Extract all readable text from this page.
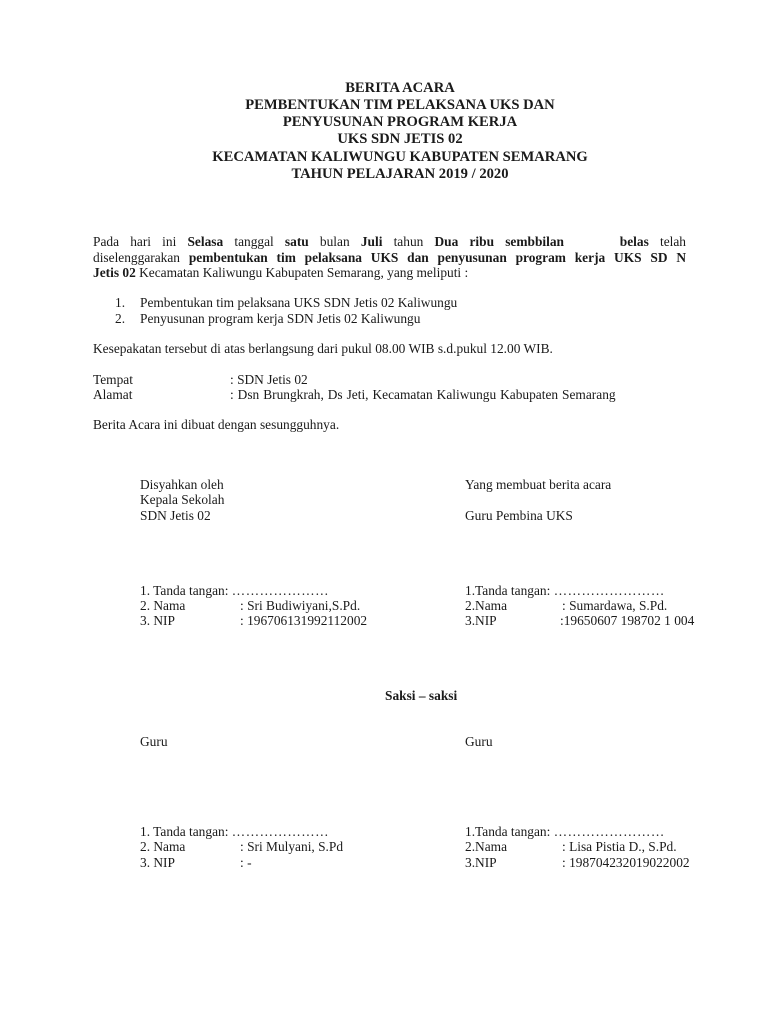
BERITA ACARA
PEMBENTUKAN TIM PELAKSANA UKS DAN
PENYUSUNAN PROGRAM KERJA
UKS SDN JETIS 02
KECAMATAN KALIWUNGU KABUPATEN SEMARANG
TAHUN PELAJARAN 2019 / 2020
Pada hari ini Selasa tanggal satu bulan Juli tahun Dua ribu sembbilan	belas telah
diselenggarakan pembentukan tim pelaksana UKS dan penyusunan program kerja UKS SD N
Jetis 02 Kecamatan Kaliwungu Kabupaten Semarang, yang meliputi :
1. Pembentukan tim pelaksana UKS SDN Jetis 02 Kaliwungu
2. Penyusunan program kerja SDN Jetis 02 Kaliwungu
Kesepakatan tersebut di atas berlangsung dari pukul 08.00 WIB s.d.pukul 12.00 WIB.
Tempat	: SDN Jetis 02
Alamat	: Dsn Brungkrah, Ds Jeti, Kecamatan Kaliwungu Kabupaten Semarang
Berita Acara ini dibuat dengan sesungguhnya.
Disyahkan oleh
Kepala Sekolah
SDN Jetis 02
1. Tanda tangan: …………………
2. Nama	: Sri Budiwiyani,S.Pd.
3. NIP	: 196706131992112002
Yang membuat berita acara
Guru Pembina UKS
1.Tanda tangan: ……………………
2.Nama	: Sumardawa, S.Pd.
3.NIP	:19650607 198702 1 004
Saksi – saksi
Guru
1. Tanda tangan: …………………
2. Nama	: Sri Mulyani, S.Pd
3. NIP	: -
Guru
1.Tanda tangan: ……………………
2.Nama	: Lisa Pistia D., S.Pd.
3.NIP	: 198704232019022002
